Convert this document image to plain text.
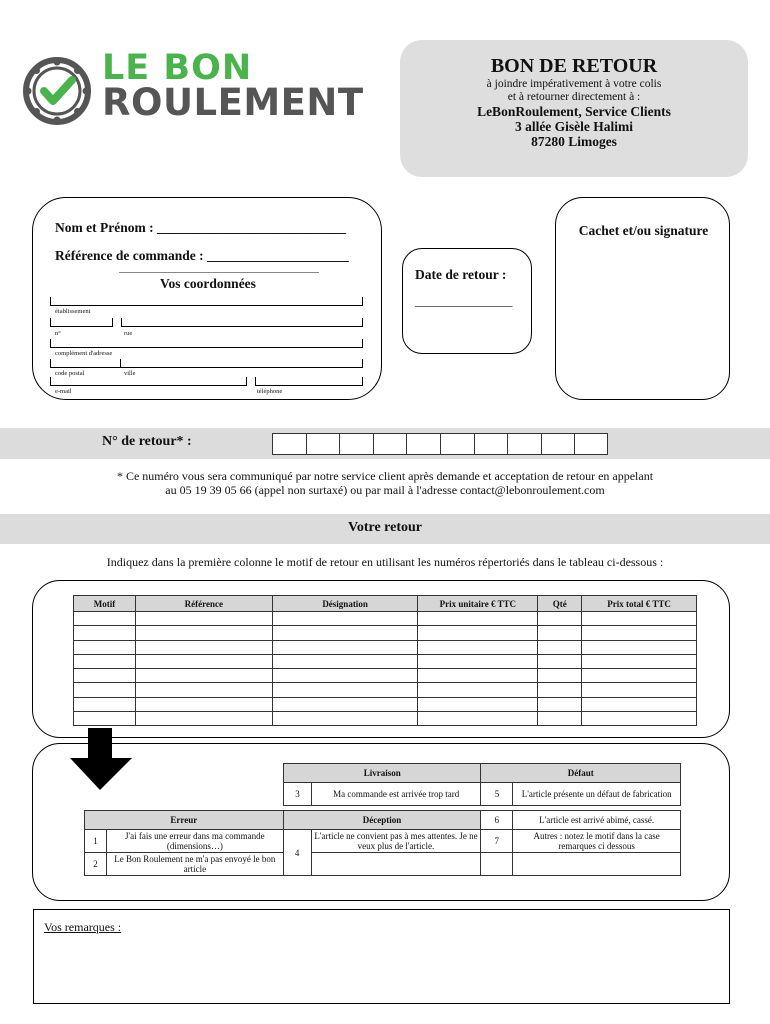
LE BON
ROULEMENT
BON DE RETOUR
à joindre impérativement à votre colis
et à retourner directement à :
LeBonRoulement, Service Clients
3 allée Gisèle Halimi
87280 Limoges
Nom et Prénom : ____________________________
Référence de commande : _____________________
Vos coordonnées
établissement
n°	rue
complément d'adresse
code postal	ville
e-mail	téléphone
Date de retour :
_______________
Cachet et/ou signature
N° de retour* :
* Ce numéro vous sera communiqué par notre service client après demande et acceptation de retour en appelant
au 05 19 39 05 66 (appel non surtaxé) ou par mail à l'adresse contact@lebonroulement.com
Votre retour
Indiquez dans la première colonne le motif de retour en utilisant les numéros répertoriés dans le tableau ci-dessous :
Motif	Référence	Désignation	Prix unitaire € TTC	Qté	Prix total € TTC

Livraison		Défaut	
3	Ma commande est arrivée trop tard	5	L'article présente un défaut de fabrication
Erreur		Déception		6	L'article est arrivé abimé, cassé.
1	J'ai fais une erreur dans ma commande (dimensions…)	4	L'article ne convient pas à mes attentes. Je ne veux plus de l'article.	7	Autres : notez le motif dans la case remarques ci dessous
2	Le Bon Roulement ne m'a pas envoyé le bon article				
Vos remarques :
